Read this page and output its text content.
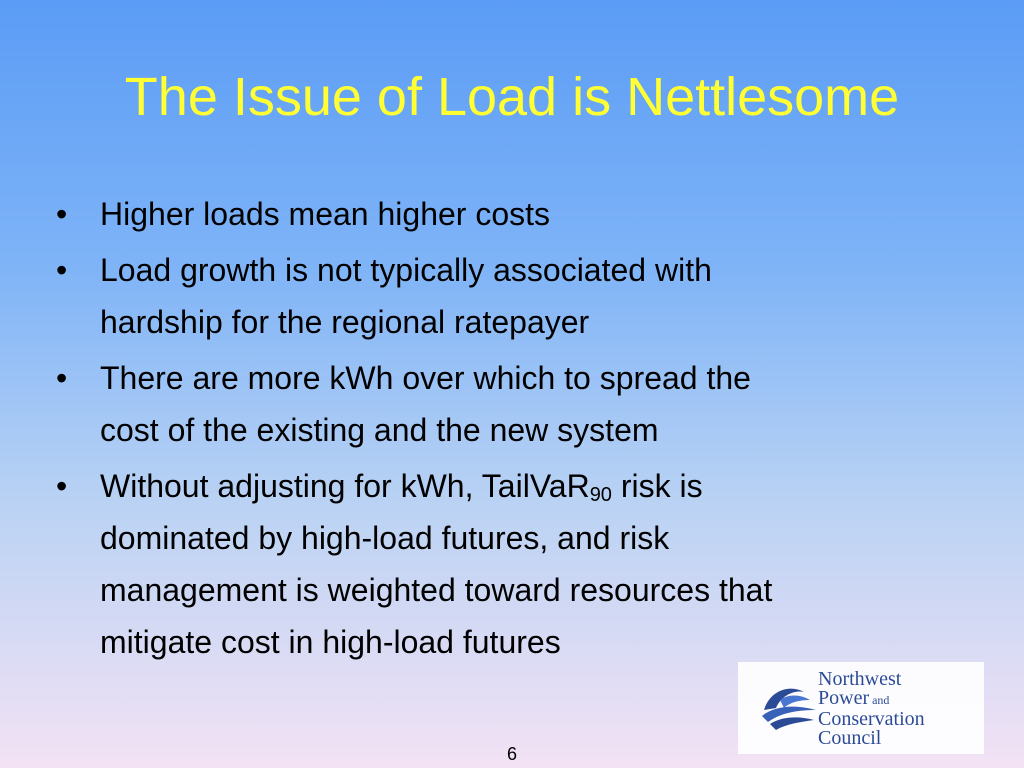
The Issue of Load is Nettlesome
• Higher loads mean higher costs
• Load growth is not typically associated with
hardship for the regional ratepayer
• There are more kWh over which to spread the
cost of the existing and the new system
• Without adjusting for kWh, TailVaR$_{90}$ risk is
dominated by high-load futures, and risk
management is weighted toward resources that
mitigate cost in high-load futures
Northwest
Power and
Conservation
Council
6
